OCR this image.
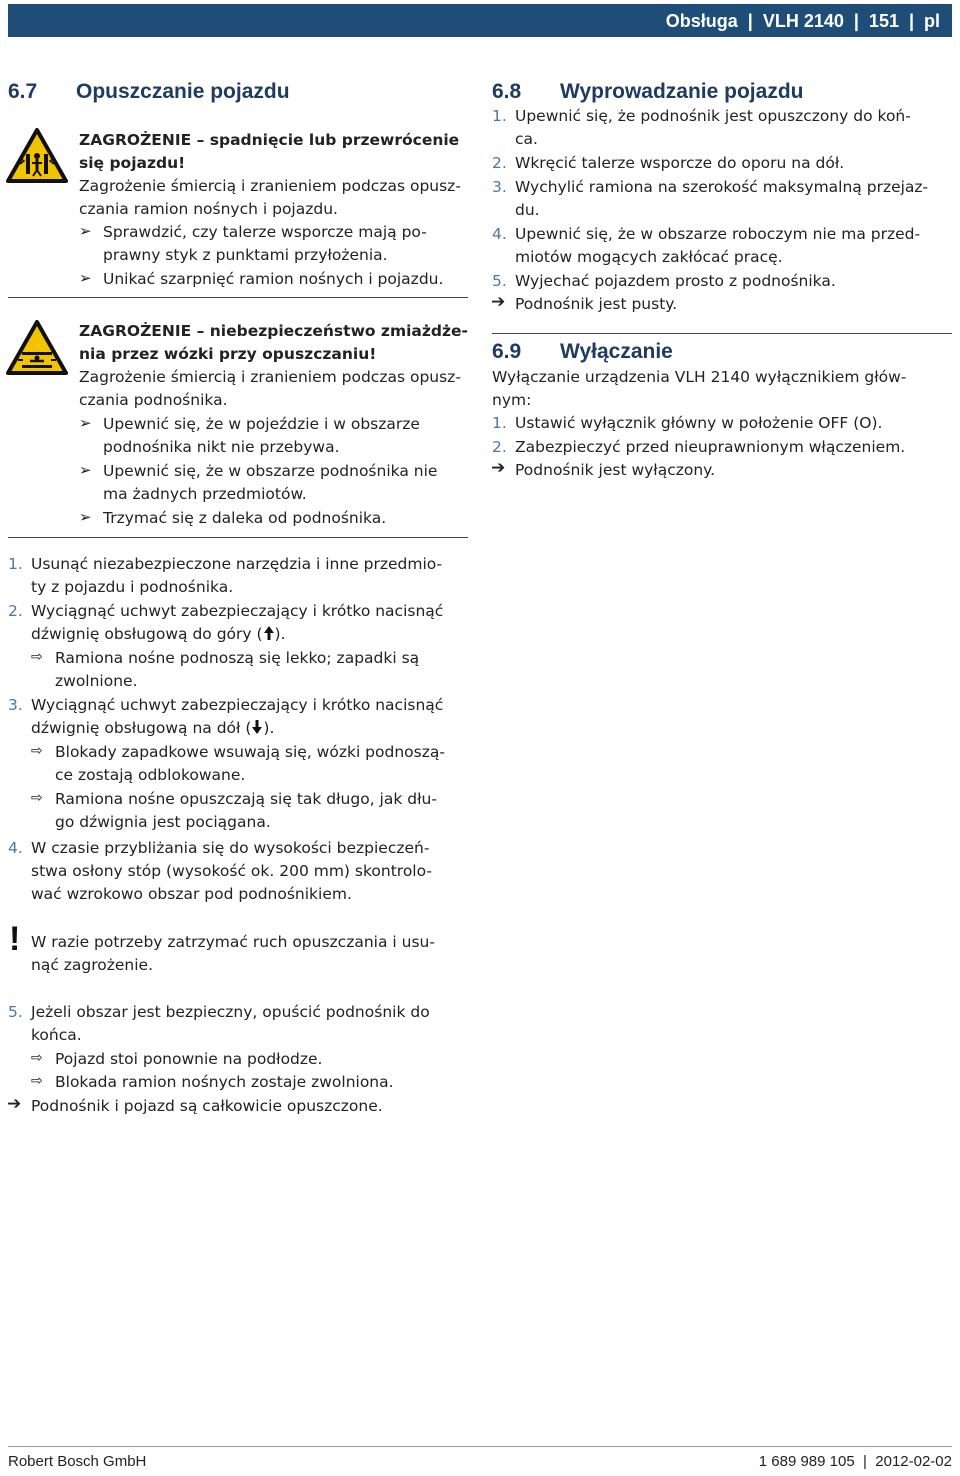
Obsługa  |  VLH 2140  |  151  |  pl
6.7 Opuszczanie pojazdu
ZAGROŻENIE – spadnięcie lub przewrócenie
się pojazdu!
Zagrożenie śmiercią i zranieniem podczas opusz-
czania ramion nośnych i pojazdu.
➢ Sprawdzić, czy talerze wsporcze mają po-
prawny styk z punktami przyłożenia.
➢ Unikać szarpnięć ramion nośnych i pojazdu.
ZAGROŻENIE – niebezpieczeństwo zmiażdże-
nia przez wózki przy opuszczaniu!
Zagrożenie śmiercią i zranieniem podczas opusz-
czania podnośnika.
➢ Upewnić się, że w pojeździe i w obszarze
podnośnika nikt nie przebywa.
➢ Upewnić się, że w obszarze podnośnika nie
ma żadnych przedmiotów.
➢ Trzymać się z daleka od podnośnika.
1. Usunąć niezabezpieczone narzędzia i inne przedmio-
ty z pojazdu i podnośnika.
2. Wyciągnąć uchwyt zabezpieczający i krótko nacisnąć
dźwignię obsługową do góry ( ).
⇨ Ramiona nośne podnoszą się lekko; zapadki są
zwolnione.
3. Wyciągnąć uchwyt zabezpieczający i krótko nacisnąć
dźwignię obsługową na dół ( ).
⇨ Blokady zapadkowe wsuwają się, wózki podnoszą-
ce zostają odblokowane.
⇨ Ramiona nośne opuszczają się tak długo, jak dłu-
go dźwignia jest pociągana.
4. W czasie przybliżania się do wysokości bezpieczeń-
stwa osłony stóp (wysokość ok. 200 mm) skontrolo-
wać wzrokowo obszar pod podnośnikiem.
! W razie potrzeby zatrzymać ruch opuszczania i usu-
nąć zagrożenie.
5. Jeżeli obszar jest bezpieczny, opuścić podnośnik do
końca.
⇨ Pojazd stoi ponownie na podłodze.
⇨ Blokada ramion nośnych zostaje zwolniona.
➔ Podnośnik i pojazd są całkowicie opuszczone.
6.8 Wyprowadzanie pojazdu
1. Upewnić się, że podnośnik jest opuszczony do koń-
ca.
2. Wkręcić talerze wsporcze do oporu na dół.
3. Wychylić ramiona na szerokość maksymalną przejaz-
du.
4. Upewnić się, że w obszarze roboczym nie ma przed-
miotów mogących zakłócać pracę.
5. Wyjechać pojazdem prosto z podnośnika.
➔ Podnośnik jest pusty.
6.9 Wyłączanie
Wyłączanie urządzenia VLH 2140 wyłącznikiem głów-
nym:
1. Ustawić wyłącznik główny w położenie OFF (O).
2. Zabezpieczyć przed nieuprawnionym włączeniem.
➔ Podnośnik jest wyłączony.
Robert Bosch GmbH	1 689 989 105  |  2012-02-02
